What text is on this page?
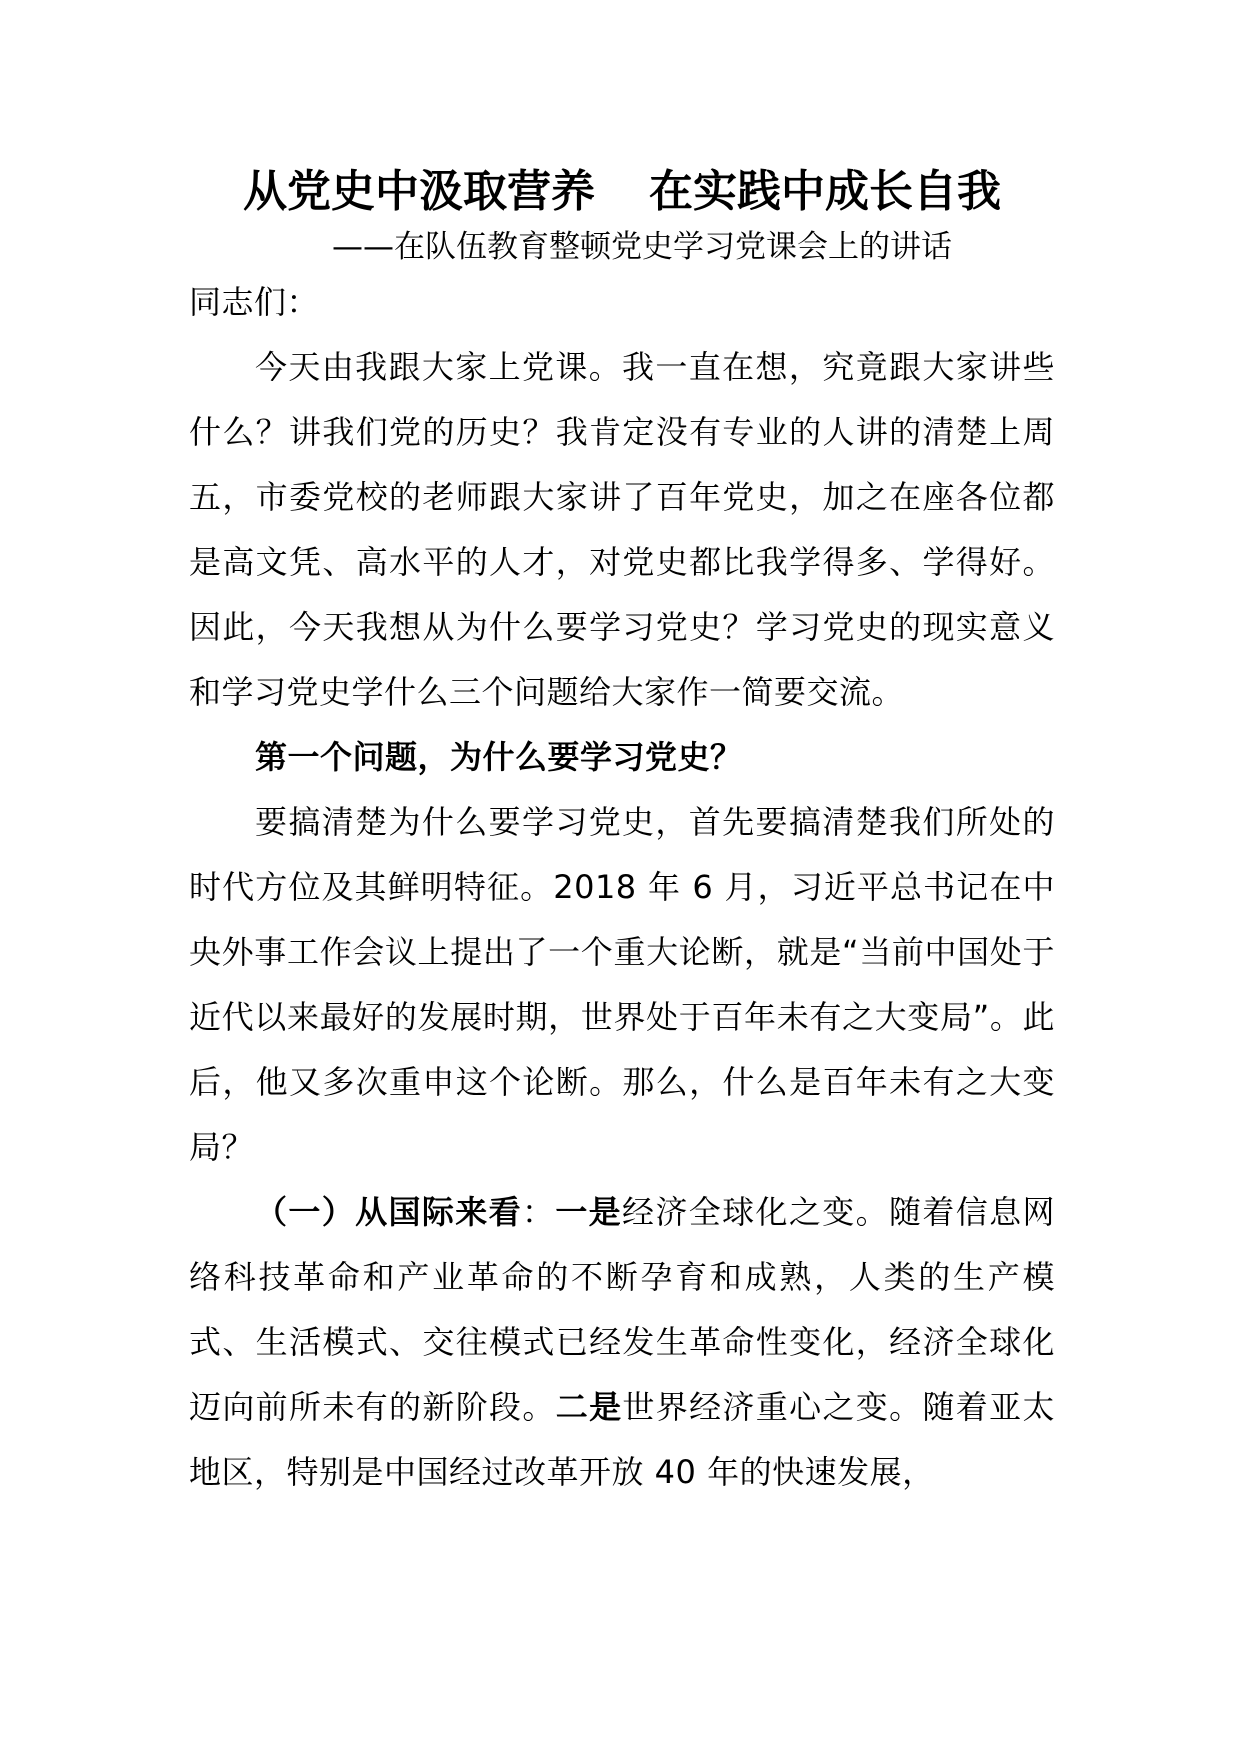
从党史中汲取营养 在实践中成长自我

——在队伍教育整顿党史学习党课会上的讲话

同志们：

今天由我跟大家上党课。我一直在想，究竟跟大家讲些什么？讲我们党的历史？我肯定没有专业的人讲的清楚上周五，市委党校的老师跟大家讲了百年党史，加之在座各位都是高文凭、高水平的人才，对党史都比我学得多、学得好。因此，今天我想从为什么要学习党史？学习党史的现实意义和学习党史学什么三个问题给大家作一简要交流。

第一个问题，为什么要学习党史？

要搞清楚为什么要学习党史，首先要搞清楚我们所处的时代方位及其鲜明特征。2018 年 6 月，习近平总书记在中央外事工作会议上提出了一个重大论断，就是“当前中国处于近代以来最好的发展时期，世界处于百年未有之大变局”。此后，他又多次重申这个论断。那么，什么是百年未有之大变局？

（一）从国际来看：一是经济全球化之变。随着信息网络科技革命和产业革命的不断孕育和成熟，人类的生产模式、生活模式、交往模式已经发生革命性变化，经济全球化迈向前所未有的新阶段。二是世界经济重心之变。随着亚太地区，特别是中国经过改革开放 40 年的快速发展，
